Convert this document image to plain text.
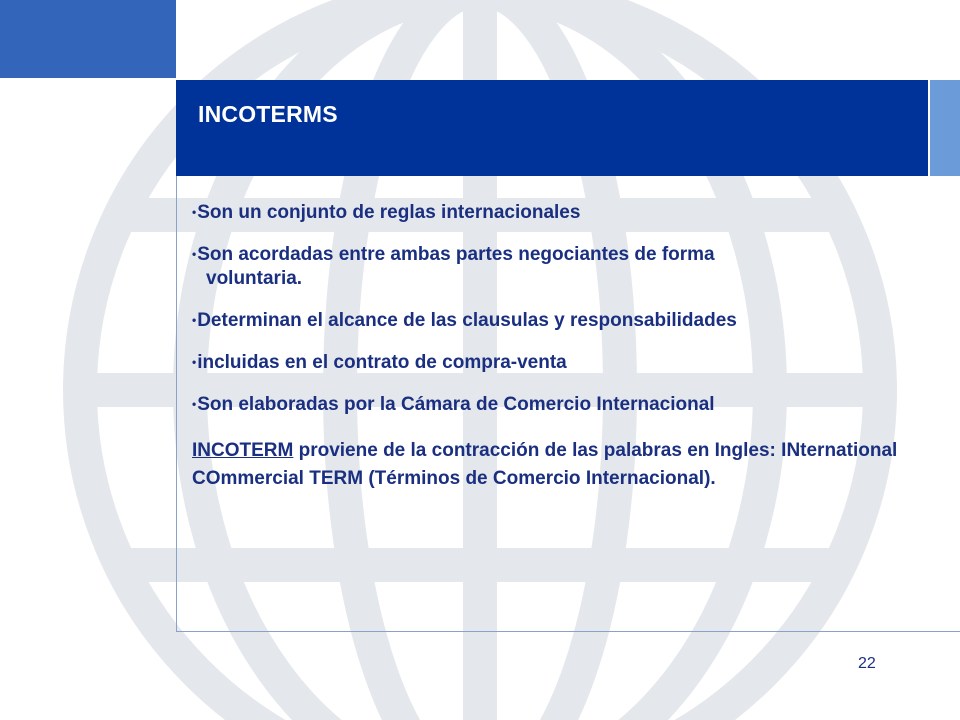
INCOTERMS
•Son un conjunto de reglas internacionales
•Son acordadas entre ambas partes negociantes de forma
voluntaria.
•Determinan el alcance de las clausulas y responsabilidades
•incluidas en el contrato de compra-venta
•Son elaboradas por la Cámara de Comercio Internacional
INCOTERM proviene de la contracción de las palabras en Ingles: INternational COmmercial TERM (Términos de Comercio Internacional).
22
